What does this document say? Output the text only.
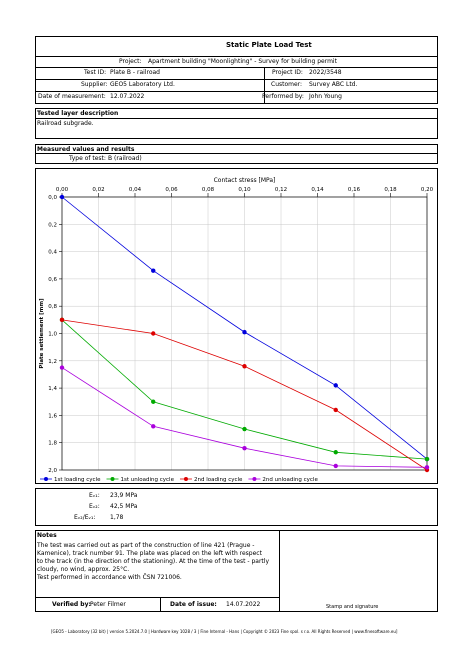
Static Plate Load Test
Project: Apartment building "Moonlighting" - Survey for building permit
Test ID: Plate B - railroad	Project ID: 2022/3548
Supplier: GEO5 Laboratory Ltd.	Customer: Survey ABC Ltd.
Date of measurement: 12.07.2022	Performed by: John Young
Tested layer description
Railroad subgrade.
Measured values and results
Type of test: B (railroad)
0,00	0,02	0,04	0,06	0,08	0,10	0,12	0,14	0,16	0,18	0,20
0,0
0,2
0,4
0,6
0,8
1,0
1,2
1,4
1,6
1,8
2,0
Contact stress [MPa]
Plate settlement [mm]
1st loading cycle	1st unloading cycle	2nd loading cycle	2nd unloading cycle
Eᵥ₁: 23,9 MPa
Eᵥ₂: 42,5 MPa
Eᵥ₂/Eᵥ₁: 1,78
Notes
The test was carried out as part of the construction of line 421 (Prague -
Kamenice), track number 91. The plate was placed on the left with respect
to the track (in the direction of the stationing). At the time of the test - partly
cloudy, no wind, approx. 25°C.
Test performed in accordance with ČSN 721006.
Verified by: Peter Filmer	Date of issue: 14.07.2022	Stamp and signature
[GEO5 - Laboratory (32 bit) | version 5.2024.7.0 | Hardware key 1028 / 3 | Fine Internal - Hans | Copyright © 2023 Fine spol. s r.o. All Rights Reserved | www.finesoftware.eu]
